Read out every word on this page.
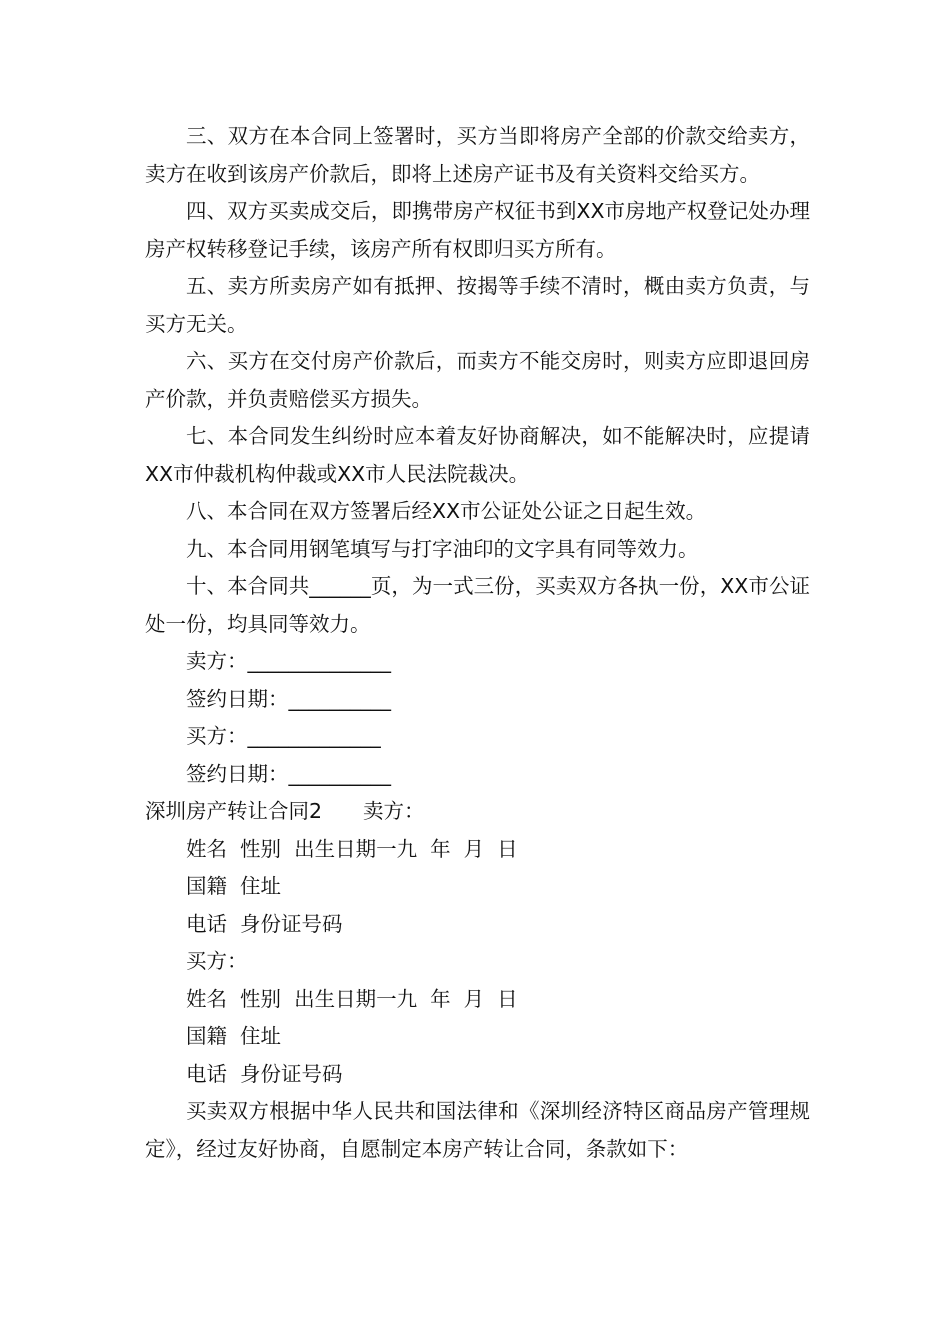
三、双方在本合同上签署时，买方当即将房产全部的价款交给卖方，卖方在收到该房产价款后，即将上述房产证书及有关资料交给买方。

四、双方买卖成交后，即携带房产权征书到XX市房地产权登记处办理房产权转移登记手续，该房产所有权即归买方所有。

五、卖方所卖房产如有抵押、按揭等手续不清时，概由卖方负责，与买方无关。

六、买方在交付房产价款后，而卖方不能交房时，则卖方应即退回房产价款，并负责赔偿买方损失。

七、本合同发生纠纷时应本着友好协商解决，如不能解决时，应提请XX市仲裁机构仲裁或XX市人民法院裁决。

八、本合同在双方签署后经XX市公证处公证之日起生效。

九、本合同用钢笔填写与打字油印的文字具有同等效力。

十、本合同共______页，为一式三份，买卖双方各执一份，XX市公证处一份，均具同等效力。

卖方：______________

签约日期：__________

买方：_____________

签约日期：__________

深圳房产转让合同2　　卖方：

姓名  性别  出生日期一九  年  月  日

国籍  住址

电话  身份证号码

买方：

姓名  性别  出生日期一九  年  月  日

国籍  住址

电话  身份证号码

买卖双方根据中华人民共和国法律和《深圳经济特区商品房产管理规定》，经过友好协商，自愿制定本房产转让合同，条款如下：
